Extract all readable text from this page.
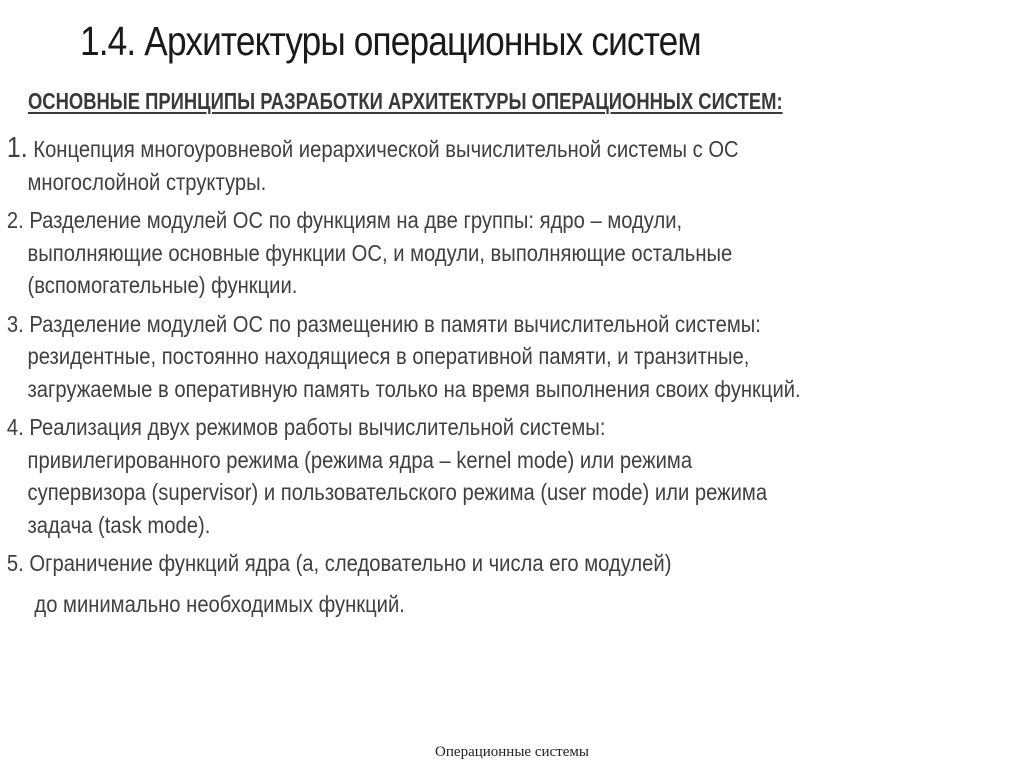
1.4. Архитектуры операционных систем
ОСНОВНЫЕ ПРИНЦИПЫ РАЗРАБОТКИ АРХИТЕКТУРЫ ОПЕРАЦИОННЫХ СИСТЕМ:
1. Концепция многоуровневой иерархической вычислительной системы с ОС
многослойной структуры.
2. Разделение модулей ОС по функциям на две группы: ядро – модули,
выполняющие основные функции ОС, и модули, выполняющие остальные
(вспомогательные) функции.
3. Разделение модулей ОС по размещению в памяти вычислительной системы:
резидентные, постоянно находящиеся в оперативной памяти, и транзитные,
загружаемые в оперативную память только на время выполнения своих функций.
4. Реализация двух режимов работы вычислительной системы:
привилегированного режима (режима ядра – kernel mode) или режима
супервизора (supervisor) и пользовательского режима (user mode) или режима
задача (task mode).
5. Ограничение функций ядра (а, следовательно и числа его модулей)
до минимально необходимых функций.
Операционные системы
